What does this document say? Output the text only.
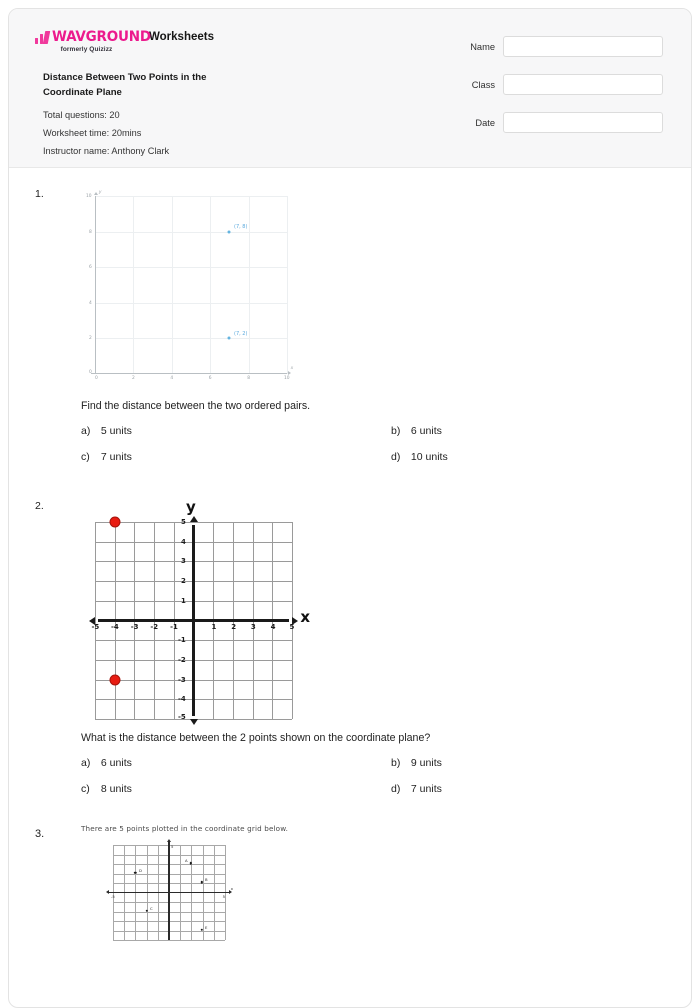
WAVGROUND
formerly Quizizz
Worksheets
Distance Between Two Points in the Coordinate Plane
Total questions: 20
Worksheet time: 20mins
Instructor name: Anthony Clark
Name
Class
Date
1.	y
x
10
8
6
4
2
0
0	2	4	6	8	10
(7, 8)
(7, 2)
Find the distance between the two ordered pairs.
a) 5 units	b) 6 units
c) 7 units	d) 10 units
2.	y
x
-5 -4 -3 -2 -1	1 2 3 4 5
5
4
3
2
1
-1
-2
-3
-4
-5
What is the distance between the 2 points shown on the coordinate plane?
a) 6 units	b) 9 units
c) 8 units	d) 7 units
3.	There are 5 points plotted in the coordinate grid below.
5
-5	5
x
A
B
C
D
E
